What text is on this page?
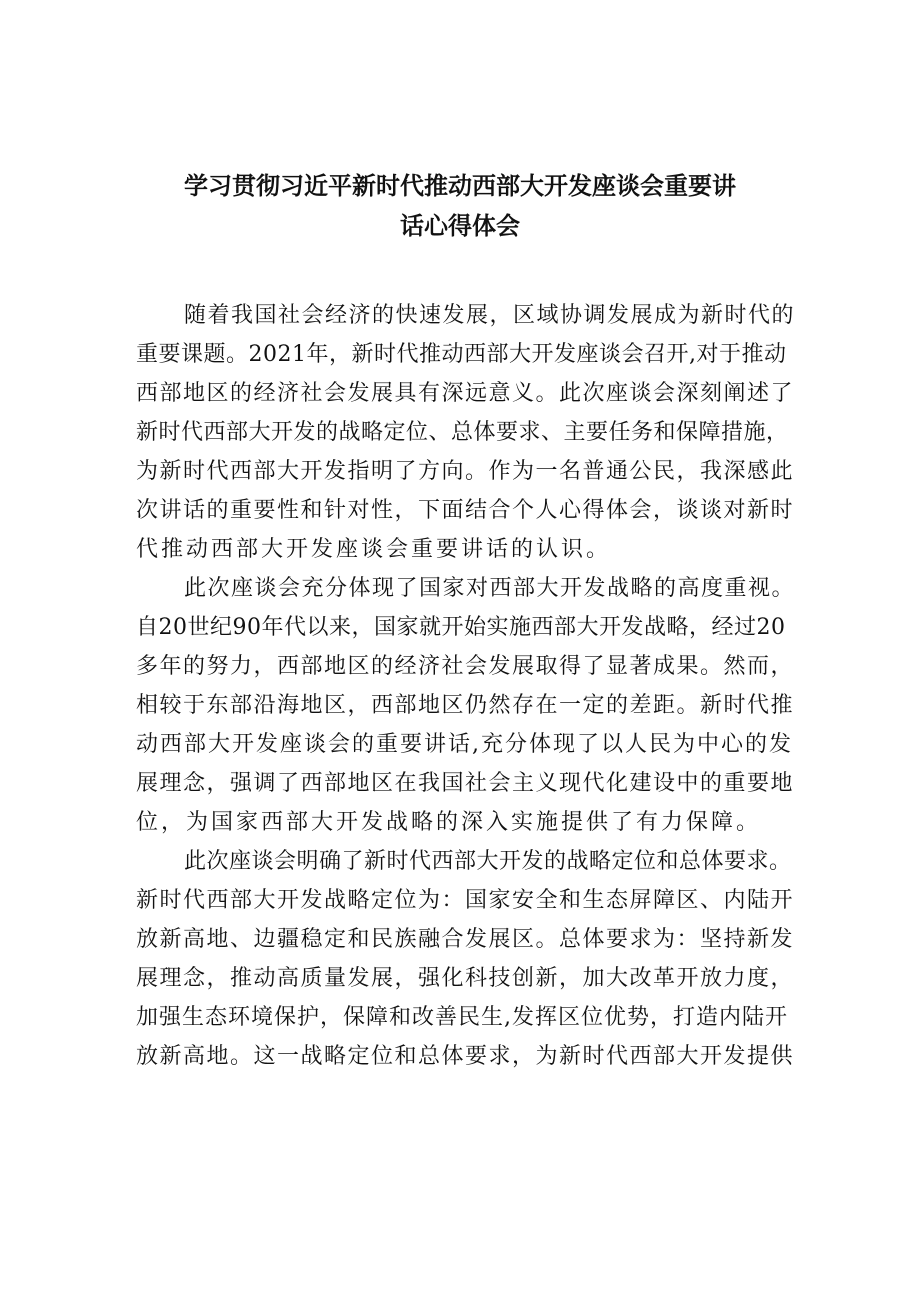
学习贯彻习近平新时代推动西部大开发座谈会重要讲
话心得体会
随着我国社会经济的快速发展，区域协调发展成为新时代的
重要课题。2021年，新时代推动西部大开发座谈会召开,对于推动
西部地区的经济社会发展具有深远意义。此次座谈会深刻阐述了
新时代西部大开发的战略定位、总体要求、主要任务和保障措施，
为新时代西部大开发指明了方向。作为一名普通公民，我深感此
次讲话的重要性和针对性，下面结合个人心得体会，谈谈对新时
代推动西部大开发座谈会重要讲话的认识。
此次座谈会充分体现了国家对西部大开发战略的高度重视。
自20世纪90年代以来，国家就开始实施西部大开发战略，经过20
多年的努力，西部地区的经济社会发展取得了显著成果。然而，
相较于东部沿海地区，西部地区仍然存在一定的差距。新时代推
动西部大开发座谈会的重要讲话,充分体现了以人民为中心的发
展理念，强调了西部地区在我国社会主义现代化建设中的重要地
位，为国家西部大开发战略的深入实施提供了有力保障。
此次座谈会明确了新时代西部大开发的战略定位和总体要求。
新时代西部大开发战略定位为：国家安全和生态屏障区、内陆开
放新高地、边疆稳定和民族融合发展区。总体要求为：坚持新发
展理念，推动高质量发展，强化科技创新，加大改革开放力度，
加强生态环境保护，保障和改善民生,发挥区位优势，打造内陆开
放新高地。这一战略定位和总体要求，为新时代西部大开发提供
